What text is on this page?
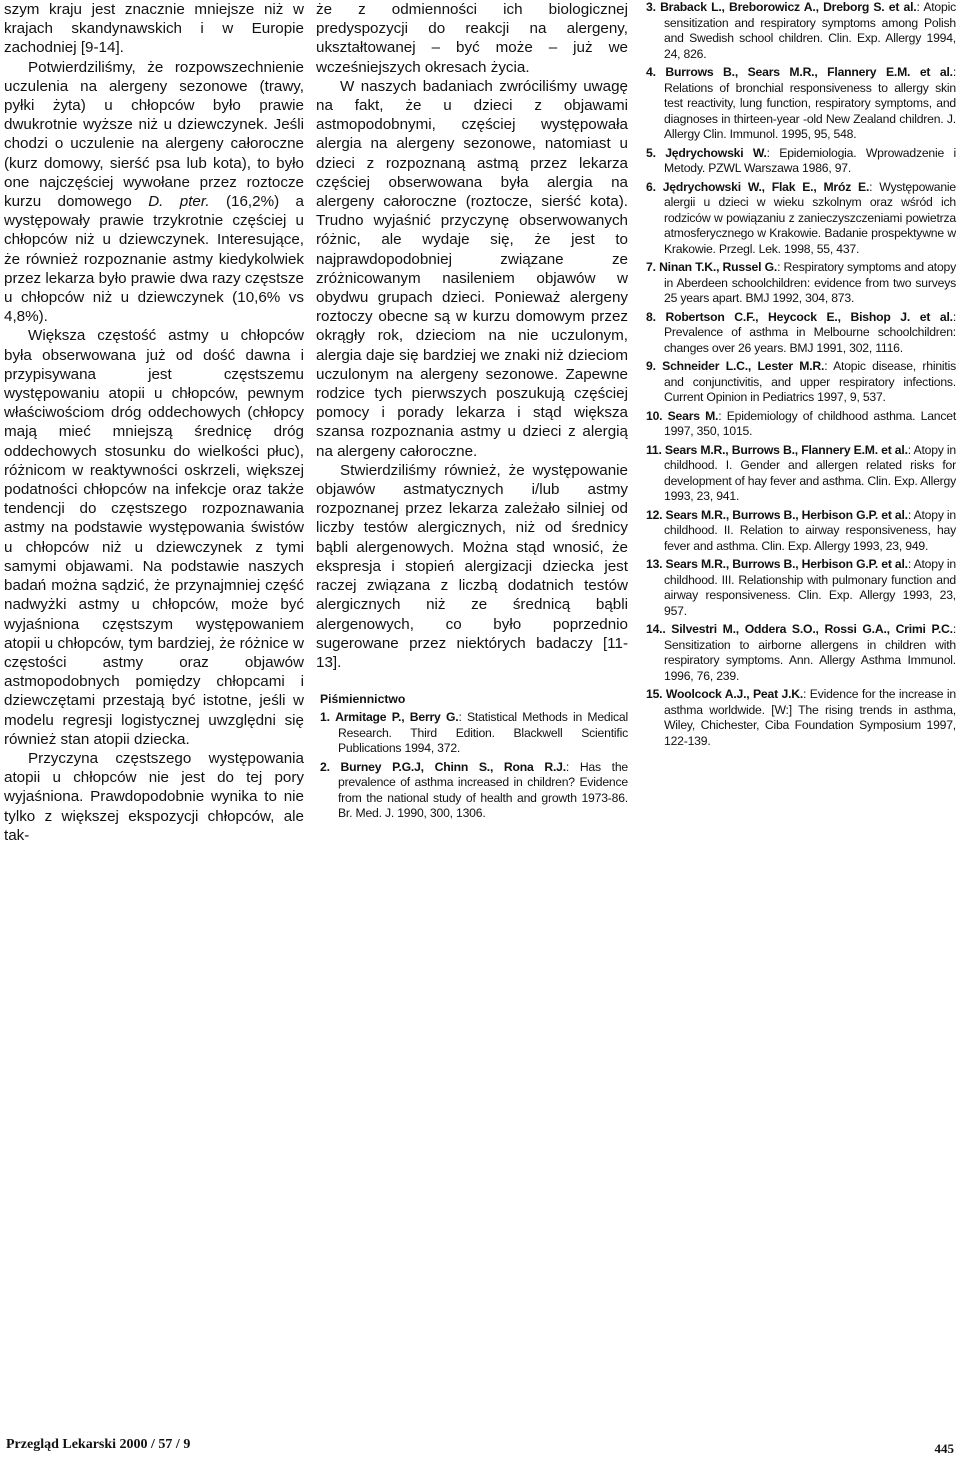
szym kraju jest znacznie mniejsze niż w krajach skandynawskich i w Europie zachodniej [9-14].

Potwierdziliśmy, że rozpowszechnienie uczulenia na alergeny sezonowe (trawy, pyłki żyta) u chłopców było prawie dwukrotnie wyższe niż u dziewczynek. Jeśli chodzi o uczulenie na alergeny całoroczne (kurz domowy, sierść psa lub kota), to było one najczęściej wywołane przez roztocze kurzu domowego D. pter. (16,2%) a występowały prawie trzykrotnie częściej u chłopców niż u dziewczynek. Interesujące, że również rozpoznanie astmy kiedykolwiek przez lekarza było prawie dwa razy częstsze u chłopców niż u dziewczynek (10,6% vs 4,8%).

Większa częstość astmy u chłopców była obserwowana już od dość dawna i przypisywana jest częstszemu występowaniu atopii u chłopców, pewnym właściwościom dróg oddechowych (chłopcy mają mieć mniejszą średnicę dróg oddechowych stosunku do wielkości płuc), różnicom w reaktywności oskrzeli, większej podatności chłopców na infekcje oraz także tendencji do częstszego rozpoznawania astmy na podstawie występowania świstów u chłopców niż u dziewczynek z tymi samymi objawami. Na podstawie naszych badań można sądzić, że przynajmniej część nadwyżki astmy u chłopców, może być wyjaśniona częstszym występowaniem atopii u chłopców, tym bardziej, że różnice w częstości astmy oraz objawów astmopodobnych pomiędzy chłopcami i dziewczętami przestają być istotne, jeśli w modelu regresji logistycznej uwzględni się również stan atopii dziecka.

Przyczyna częstszego występowania atopii u chłopców nie jest do tej pory wyjaśniona. Prawdopodobnie wynika to nie tylko z większej ekspozycji chłopców, ale tak-

że z odmienności ich biologicznej predyspozycji do reakcji na alergeny, ukształtowanej – być może – już we wcześniejszych okresach życia.

W naszych badaniach zwróciliśmy uwagę na fakt, że u dzieci z objawami astmopodobnymi, częściej występowała alergia na alergeny sezonowe, natomiast u dzieci z rozpoznaną astmą przez lekarza częściej obserwowana była alergia na alergeny całoroczne (roztocze, sierść kota). Trudno wyjaśnić przyczynę obserwowanych różnic, ale wydaje się, że jest to najprawdopodobniej związane ze zróżnicowanym nasileniem objawów w obydwu grupach dzieci. Ponieważ alergeny roztoczy obecne są w kurzu domowym przez okrągły rok, dzieciom na nie uczulonym, alergia daje się bardziej we znaki niż dzieciom uczulonym na alergeny sezonowe. Zapewne rodzice tych pierwszych poszukują częściej pomocy i porady lekarza i stąd większa szansa rozpoznania astmy u dzieci z alergią na alergeny całoroczne.

Stwierdziliśmy również, że występowanie objawów astmatycznych i/lub astmy rozpoznanej przez lekarza zależało silniej od liczby testów alergicznych, niż od średnicy bąbli alergenowych. Można stąd wnosić, że ekspresja i stopień alergizacji dziecka jest raczej związana z liczbą dodatnich testów alergicznych niż ze średnicą bąbli alergenowych, co było poprzednio sugerowane przez niektórych badaczy [11-13].

Piśmiennictwo
1. Armitage P., Berry G.: Statistical Methods in Medical Research. Third Edition. Blackwell Scientific Publications 1994, 372.
2. Burney P.G.J, Chinn S., Rona R.J.: Has the prevalence of asthma increased in children? Evidence from the national study of health and growth 1973-86. Br. Med. J. 1990, 300, 1306.
3. Braback L., Breborowicz A., Dreborg S. et al.: Atopic sensitization and respiratory symptoms among Polish and Swedish school children. Clin. Exp. Allergy 1994, 24, 826.
4. Burrows B., Sears M.R., Flannery E.M. et al.: Relations of bronchial responsiveness to allergy skin test reactivity, lung function, respiratory symptoms, and diagnoses in thirteen-year -old New Zealand children. J. Allergy Clin. Immunol. 1995, 95, 548.
5. Jędrychowski W.: Epidemiologia. Wprowadzenie i Metody. PZWL Warszawa 1986, 97.
6. Jędrychowski W., Flak E., Mróz E.: Występowanie alergii u dzieci w wieku szkolnym oraz wśród ich rodziców w powiązaniu z zanieczyszczeniami powietrza atmosferycznego w Krakowie. Badanie prospektywne w Krakowie. Przegl. Lek. 1998, 55, 437.
7. Ninan T.K., Russel G.: Respiratory symptoms and atopy in Aberdeen schoolchildren: evidence from two surveys 25 years apart. BMJ 1992, 304, 873.
8. Robertson C.F., Heycock E., Bishop J. et al.: Prevalence of asthma in Melbourne schoolchildren: changes over 26 years. BMJ 1991, 302, 1116.
9. Schneider L.C., Lester M.R.: Atopic disease, rhinitis and conjunctivitis, and upper respiratory infections. Current Opinion in Pediatrics 1997, 9, 537.
10. Sears M.: Epidemiology of childhood asthma. Lancet 1997, 350, 1015.
11. Sears M.R., Burrows B., Flannery E.M. et al.: Atopy in childhood. I. Gender and allergen related risks for development of hay fever and asthma. Clin. Exp. Allergy 1993, 23, 941.
12. Sears M.R., Burrows B., Herbison G.P. et al.: Atopy in childhood. II. Relation to airway responsiveness, hay fever and asthma. Clin. Exp. Allergy 1993, 23, 949.
13. Sears M.R., Burrows B., Herbison G.P. et al.: Atopy in childhood. III. Relationship with pulmonary function and airway responsiveness. Clin. Exp. Allergy 1993, 23, 957.
14.. Silvestri M., Oddera S.O., Rossi G.A., Crimi P.C.: Sensitization to airborne allergens in children with respiratory symptoms. Ann. Allergy Asthma Immunol. 1996, 76, 239.
15. Woolcock A.J., Peat J.K.: Evidence for the increase in asthma worldwide. [W:] The rising trends in asthma, Wiley, Chichester, Ciba Foundation Symposium 1997, 122-139.
Przegląd Lekarski 2000 / 57 / 9	445
